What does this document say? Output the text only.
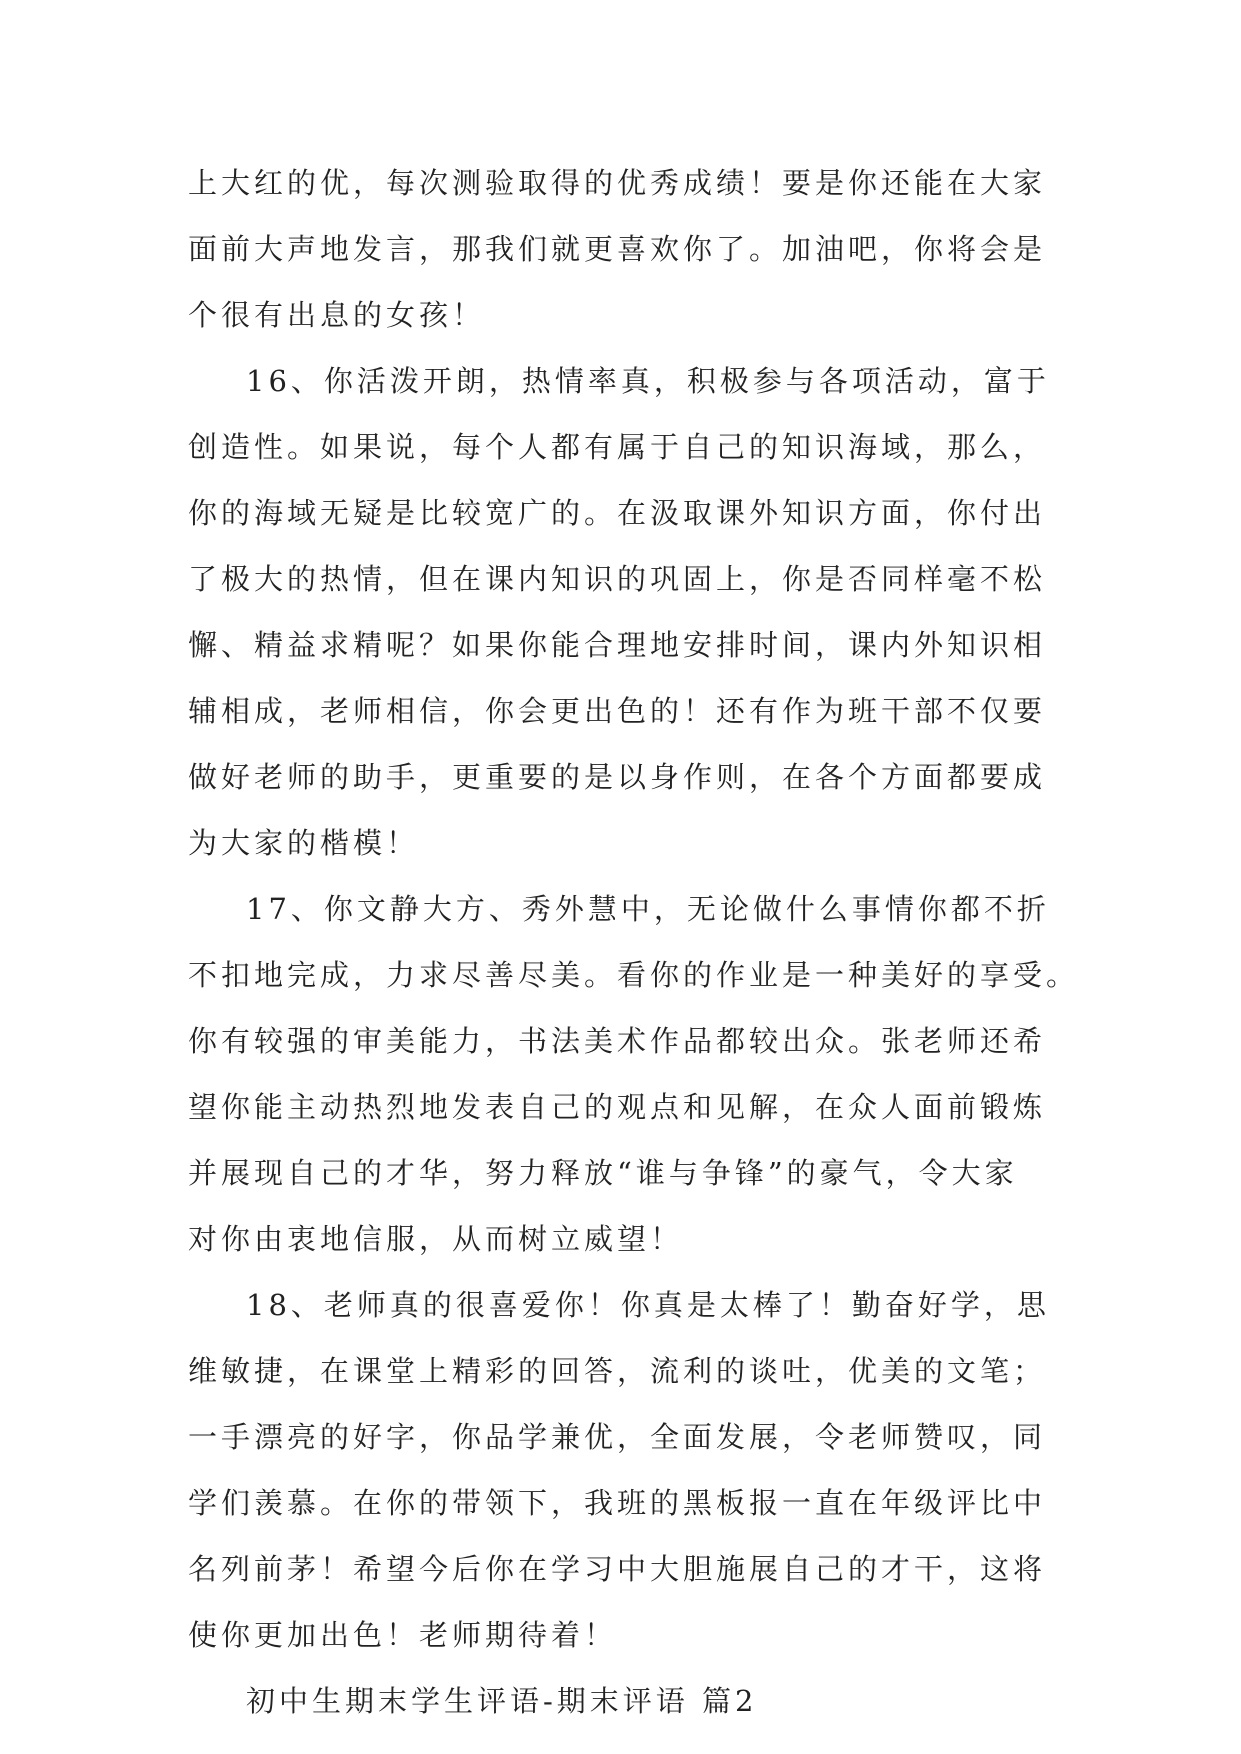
上大红的优，每次测验取得的优秀成绩！要是你还能在大家
面前大声地发言，那我们就更喜欢你了。加油吧，你将会是
个很有出息的女孩！
16、你活泼开朗，热情率真，积极参与各项活动，富于
创造性。如果说，每个人都有属于自己的知识海域，那么，
你的海域无疑是比较宽广的。在汲取课外知识方面，你付出
了极大的热情，但在课内知识的巩固上，你是否同样毫不松
懈、精益求精呢？如果你能合理地安排时间，课内外知识相
辅相成，老师相信，你会更出色的！还有作为班干部不仅要
做好老师的助手，更重要的是以身作则，在各个方面都要成
为大家的楷模！
17、你文静大方、秀外慧中，无论做什么事情你都不折
不扣地完成，力求尽善尽美。看你的作业是一种美好的享受。
你有较强的审美能力，书法美术作品都较出众。张老师还希
望你能主动热烈地发表自己的观点和见解，在众人面前锻炼
并展现自己的才华，努力释放“谁与争锋”的豪气，令大家
对你由衷地信服，从而树立威望！
18、老师真的很喜爱你！你真是太棒了！勤奋好学，思
维敏捷，在课堂上精彩的回答，流利的谈吐，优美的文笔；
一手漂亮的好字，你品学兼优，全面发展，令老师赞叹，同
学们羡慕。在你的带领下，我班的黑板报一直在年级评比中
名列前茅！希望今后你在学习中大胆施展自己的才干，这将
使你更加出色！老师期待着！
初中生期末学生评语-期末评语 篇2
